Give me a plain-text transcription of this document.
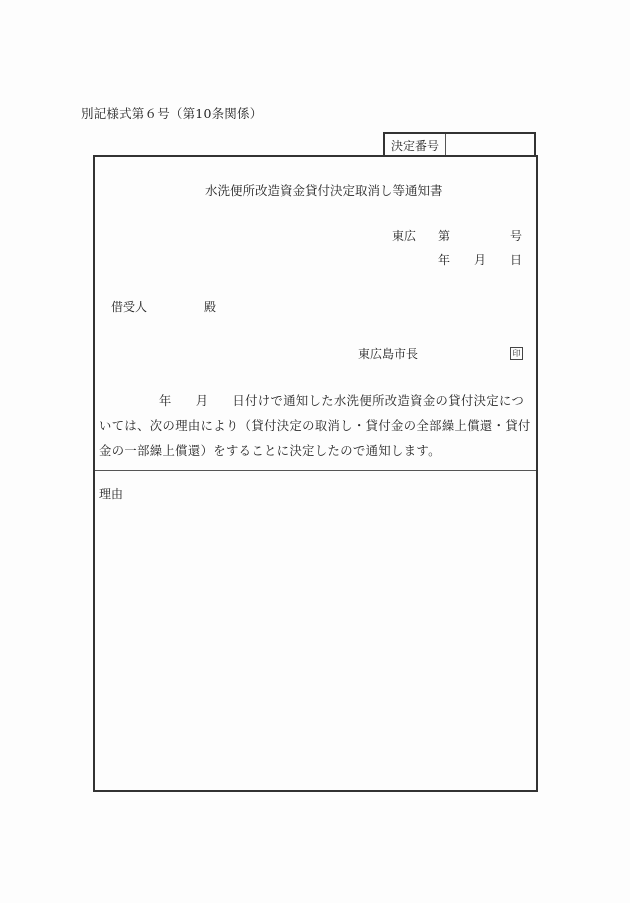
別記様式第６号（第10条関係）
決定番号
水洗便所改造資金貸付決定取消し等通知書
東広 第	号
年 月 日
借受人	殿
東広島市長	印
年 月 日付けで通知した水洗便所改造資金の貸付決定については、次の理由により（貸付決定の取消し・貸付金の全部繰上償還・貸付金の一部繰上償還）をすることに決定したので通知します。
理由
